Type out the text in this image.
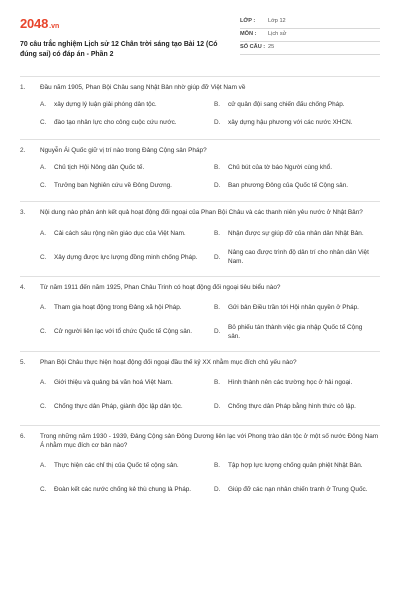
2048 .vn
70 câu trắc nghiệm Lịch sử 12 Chân trời sáng tạo Bài 12 (Có đúng sai) có đáp án - Phần 2
LỚP :	Lớp 12
MÔN :	Lịch sử
SỐ CÂU : 25
1.	Đầu năm 1905, Phan Bội Châu sang Nhật Bản nhờ giúp đỡ Việt Nam về
A.	xây dựng lý luận giải phóng dân tộc.	B.	cử quân đội sang chiến đấu chống Pháp.
C.	đào tạo nhân lực cho công cuộc cứu nước.	D.	xây dựng hậu phương với các nước XHCN.
2.	Nguyễn Ái Quốc giữ vị trí nào trong Đảng Cộng sản Pháp?
A.	Chủ tịch Hội Nông dân Quốc tế.	B.	Chủ bút của tờ báo Người cùng khổ.
C.	Trưởng ban Nghiên cứu về Đông Dương.	D.	Ban phương Đông của Quốc tế Cộng sản.
3.	Nội dung nào phản ánh kết quả hoạt động đối ngoại của Phan Bội Châu và các thanh niên yêu nước ở Nhật Bản?
A.	Cải cách sâu rộng nền giáo dục của Việt Nam.	B.	Nhận được sự giúp đỡ của nhân dân Nhật Bản.
C.	Xây dựng được lực lượng đồng minh chống Pháp.	D.
Nâng cao được trình độ dân trí cho nhân dân Việt Nam.
4.	Từ năm 1911 đến năm 1925, Phan Châu Trinh có hoạt động đối ngoại tiêu biểu nào?
A.	Tham gia hoạt động trong Đảng xã hội Pháp.	B.	Gửi bản Điều trần tới Hội nhân quyền ở Pháp.
C.	Cử người liên lạc với tổ chức Quốc tế Cộng sản.	D.
Bỏ phiếu tán thành việc gia nhập Quốc tế Cộng sản.
5.	Phan Bội Châu thực hiện hoạt động đối ngoại đầu thế kỷ XX nhằm mục đích chủ yếu nào?
A.	Giới thiệu và quảng bá văn hoá Việt Nam.	B.	Hình thành nên các trường học ở hải ngoại.
C.	Chống thực dân Pháp, giành độc lập dân tộc.	D.	Chống thực dân Pháp bằng hình thức cô lập.
6.	Trong những năm 1930 - 1939, Đảng Cộng sản Đông Dương liên lạc với Phong trào dân tộc ở một số nước Đông Nam Á nhằm mục đích cơ bản nào?
A.	Thực hiện các chỉ thị của Quốc tế cộng sản.	B.	Tập hợp lực lượng chống quân phiệt Nhật Bản.
C.	Đoàn kết các nước chống kẻ thù chung là Pháp.	D.	Giúp đỡ các nạn nhân chiến tranh ở Trung Quốc.
